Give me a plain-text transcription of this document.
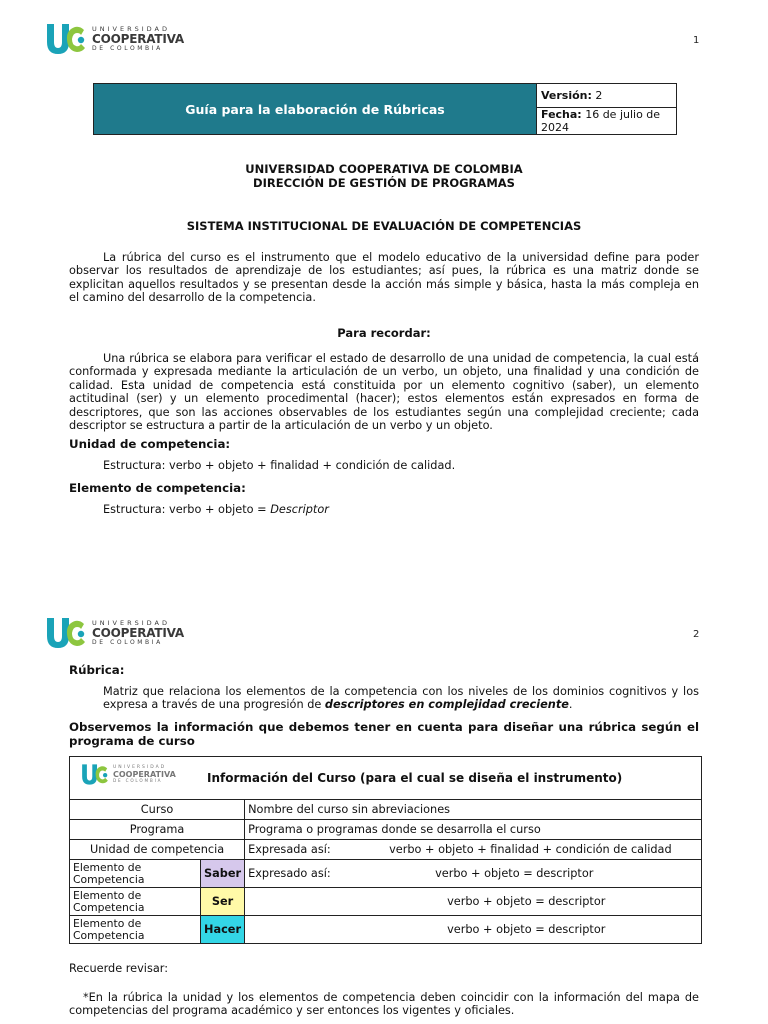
UNIVERSIDAD
COOPERATIVA
DE COLOMBIA
1
Guía para la elaboración de Rúbricas	Versión: 2
Fecha: 16 de julio de 2024
UNIVERSIDAD COOPERATIVA DE COLOMBIA
DIRECCIÓN DE GESTIÓN DE PROGRAMAS
SISTEMA INSTITUCIONAL DE EVALUACIÓN DE COMPETENCIAS

La rúbrica del curso es el instrumento que el modelo educativo de la universidad define para poder observar los resultados de aprendizaje de los estudiantes; así pues, la rúbrica es una matriz donde se explicitan aquellos resultados y se presentan desde la acción más simple y básica, hasta la más compleja en el camino del desarrollo de la competencia.

Para recordar:

Una rúbrica se elabora para verificar el estado de desarrollo de una unidad de competencia, la cual está conformada y expresada mediante la articulación de un verbo, un objeto, una finalidad y una condición de calidad. Esta unidad de competencia está constituida por un elemento cognitivo (saber), un elemento actitudinal (ser) y un elemento procedimental (hacer); estos elementos están expresados en forma de descriptores, que son las acciones observables de los estudiantes según una complejidad creciente; cada descriptor se estructura a partir de la articulación de un verbo y un objeto.

Unidad de competencia:
Estructura: verbo + objeto + finalidad + condición de calidad.
Elemento de competencia:
Estructura: verbo + objeto = Descriptor
UNIVERSIDAD
COOPERATIVA
DE COLOMBIA
2
Rúbrica:

Matriz que relaciona los elementos de la competencia con los niveles de los dominios cognitivos y los expresa a través de una progresión de descriptores en complejidad creciente.

Observemos la información que debemos tener en cuenta para diseñar una rúbrica según el programa de curso

UNIVERSIDAD
COOPERATIVA
DE COLOMBIA Información del Curso (para el cual se diseña el instrumento)		

Curso		Nombre del curso sin abreviaciones
Programa		Programa o programas donde se desarrolla el curso
Unidad de competencia		Expresada así: verbo + objeto + finalidad + condición de calidad

Elemento de Competencia	Saber	Expresado así: verbo + objeto = descriptor

Elemento de Competencia	Ser	verbo + objeto = descriptor

Elemento de Competencia	Hacer	verbo + objeto = descriptor
Recuerde revisar:

*En la rúbrica la unidad y los elementos de competencia deben coincidir con la información del mapa de competencias del programa académico y ser entonces los vigentes y oficiales.
